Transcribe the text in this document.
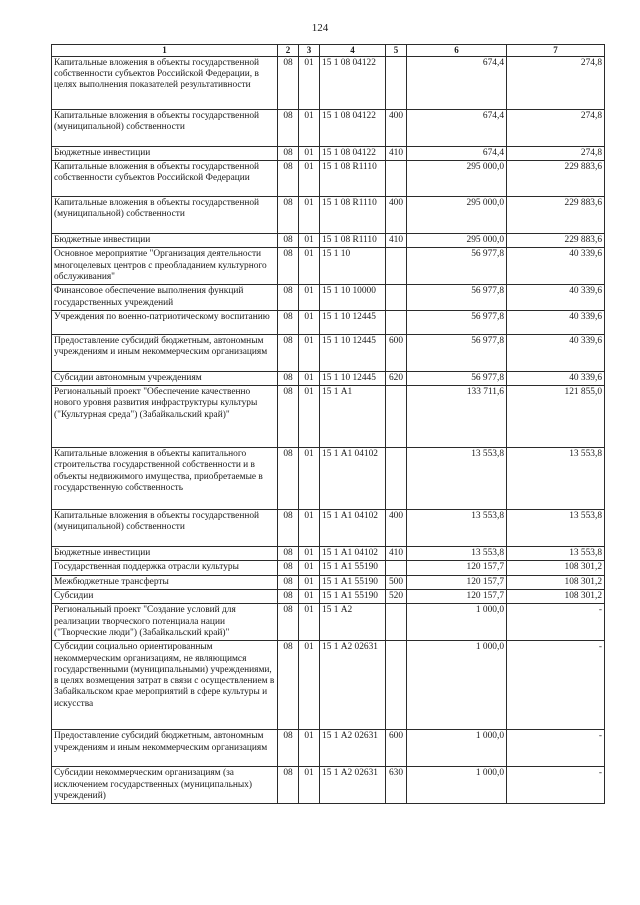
124
1	2	3	4	5	6	7
Капитальные вложения в объекты государственной собственности субъектов Российской Федерации, в целях выполнения показателей результативности	08	01	15 1 08 04122		674,4	274,8
Капитальные вложения в объекты государственной (муниципальной) собственности	08	01	15 1 08 04122	400	674,4	274,8
Бюджетные инвестиции	08	01	15 1 08 04122	410	674,4	274,8
Капитальные вложения в объекты государственной собственности субъектов Российской Федерации	08	01	15 1 08 R1110		295 000,0	229 883,6
Капитальные вложения в объекты государственной (муниципальной) собственности	08	01	15 1 08 R1110	400	295 000,0	229 883,6
Бюджетные инвестиции	08	01	15 1 08 R1110	410	295 000,0	229 883,6
Основное мероприятие "Организация деятельности многоцелевых центров с преобладанием культурного обслуживания"	08	01	15 1 10		56 977,8	40 339,6
Финансовое обеспечение выполнения функций государственных учреждений	08	01	15 1 10 10000		56 977,8	40 339,6
Учреждения по военно-патриотическому воспитанию	08	01	15 1 10 12445		56 977,8	40 339,6
Предоставление субсидий бюджетным, автономным учреждениям и иным некоммерческим организациям	08	01	15 1 10 12445	600	56 977,8	40 339,6
Субсидии автономным учреждениям	08	01	15 1 10 12445	620	56 977,8	40 339,6
Региональный проект "Обеспечение качественно нового уровня развития инфраструктуры культуры ("Культурная среда") (Забайкальский край)"	08	01	15 1 А1		133 711,6	121 855,0
Капитальные вложения в объекты капитального строительства государственной собственности и в объекты недвижимого имущества, приобретаемые в государственную собственность	08	01	15 1 А1 04102		13 553,8	13 553,8
Капитальные вложения в объекты государственной (муниципальной) собственности	08	01	15 1 А1 04102	400	13 553,8	13 553,8
Бюджетные инвестиции	08	01	15 1 А1 04102	410	13 553,8	13 553,8
Государственная поддержка отрасли культуры	08	01	15 1 А1 55190		120 157,7	108 301,2
Межбюджетные трансферты	08	01	15 1 А1 55190	500	120 157,7	108 301,2
Субсидии	08	01	15 1 А1 55190	520	120 157,7	108 301,2
Региональный проект "Создание условий для реализации творческого потенциала нации ("Творческие люди") (Забайкальский край)"	08	01	15 1 А2		1 000,0	-
Субсидии социально ориентированным некоммерческим организациям, не являющимся государственными (муниципальными) учреждениями, в целях возмещения затрат в связи с осуществлением в Забайкальском крае мероприятий в сфере культуры и искусства	08	01	15 1 А2 02631		1 000,0	-
Предоставление субсидий бюджетным, автономным учреждениям и иным некоммерческим организациям	08	01	15 1 А2 02631	600	1 000,0	-
Субсидии некоммерческим организациям (за исключением государственных (муниципальных) учреждений)	08	01	15 1 А2 02631	630	1 000,0	-
